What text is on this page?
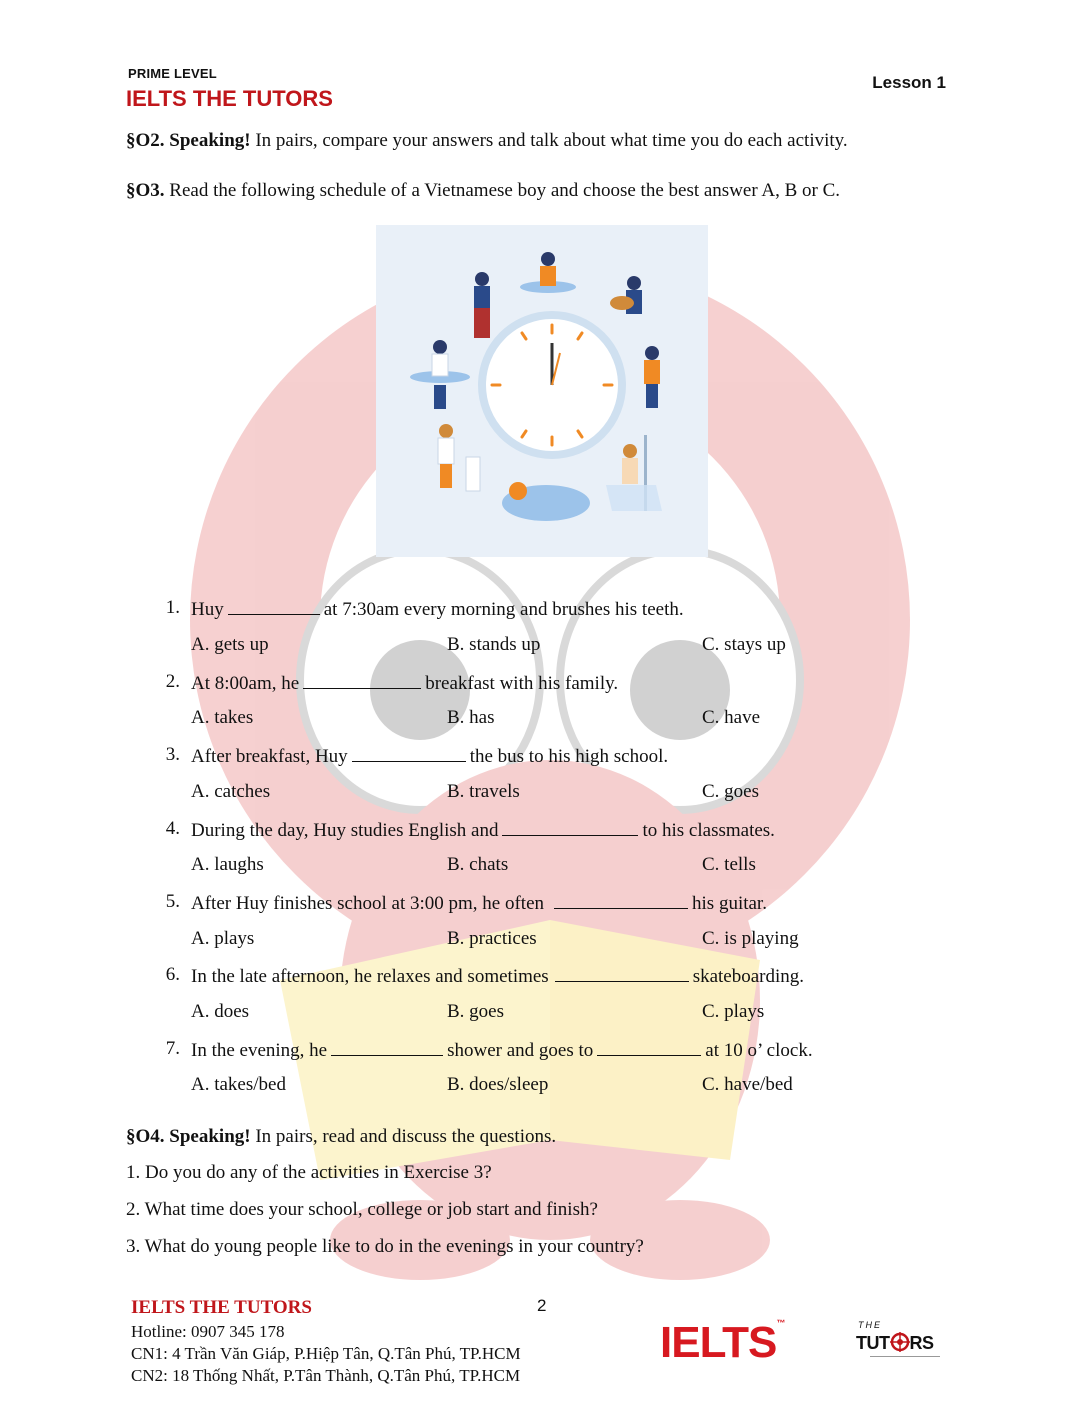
PRIME LEVEL
IELTS THE TUTORS
Lesson 1
§O2. Speaking! In pairs, compare your answers and talk about what time you do each activity.
§O3. Read the following schedule of a Vietnamese boy and choose the best answer A, B or C.
1. Huy	at 7:30am every morning and brushes his teeth.
A. gets up	B. stands up	C. stays up
2. At 8:00am, he	breakfast with his family.
A. takes	B. has	C. have
3. After breakfast, Huy	the bus to his high school.
A. catches	B. travels	C. goes
4. During the day, Huy studies English and	to his classmates.
A. laughs	B. chats	C. tells
5. After Huy finishes school at 3:00 pm, he often	his guitar.
A. plays	B. practices	C. is playing
6. In the late afternoon, he relaxes and sometimes	skateboarding.
A. does	B. goes	C. plays
7. In the evening, he	shower and goes to	at 10 o’ clock.
A. takes/bed	B. does/sleep	C. have/bed
§O4. Speaking! In pairs, read and discuss the questions.
1. Do you do any of the activities in Exercise 3?
2. What time does your school, college or job start and finish?
3. What do young people like to do in the evenings in your country?
IELTS THE TUTORS	2
Hotline: 0907 345 178
CN1: 4 Trần Văn Giáp, P.Hiệp Tân, Q.Tân Phú, TP.HCM
CN2: 18 Thống Nhất, P.Tân Thành, Q.Tân Phú, TP.HCM
IELTS™	THE
TUT RS
